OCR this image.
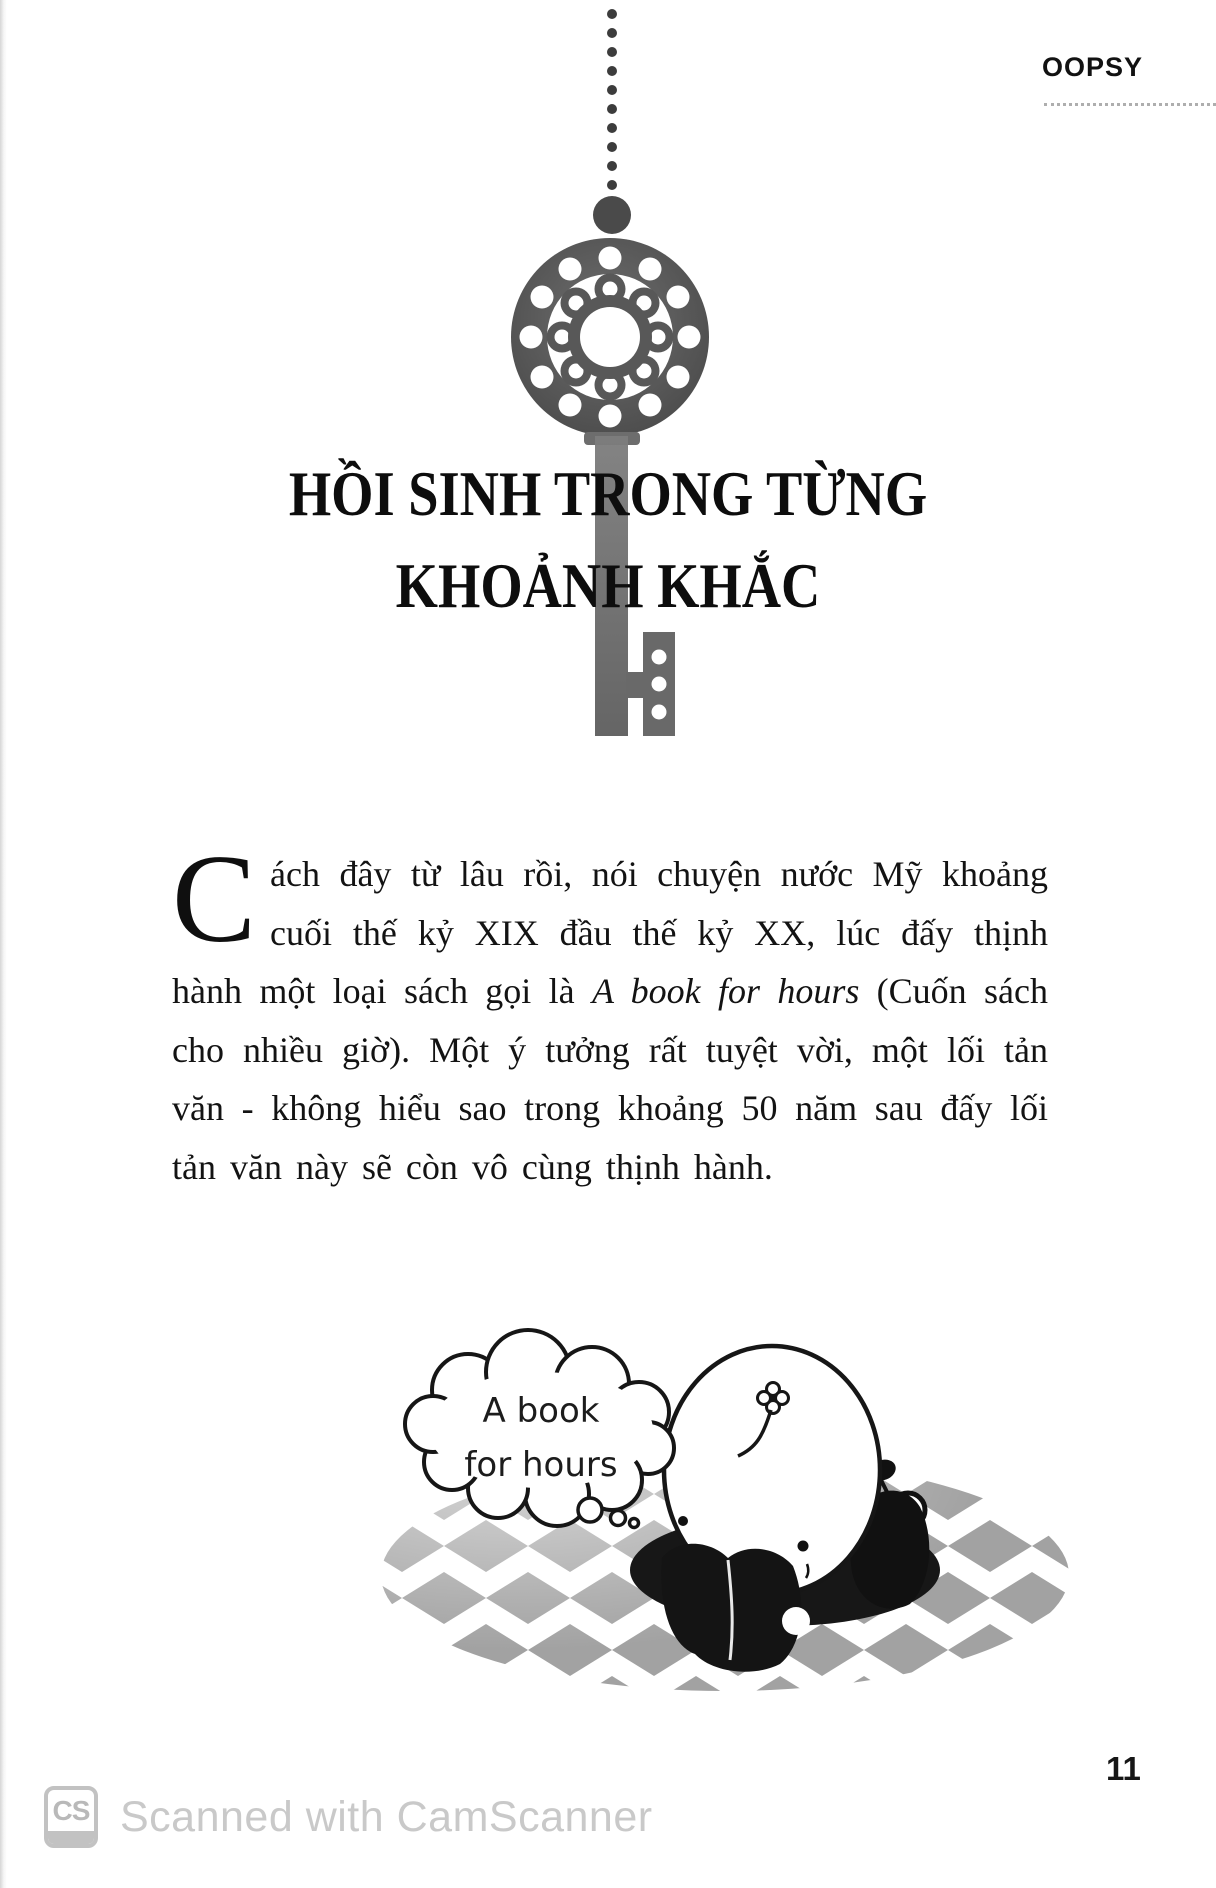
OOPSY
HỒI SINH TRONG TỪNG
KHOẢNH KHẮC

Cách đây từ lâu rồi, nói chuyện nước Mỹ khoảng cuối thế kỷ XIX đầu thế kỷ XX, lúc đấy thịnh hành một loại sách gọi là A book for hours (Cuốn sách cho nhiều giờ). Một ý tưởng rất tuyệt vời, một lối tản văn - không hiểu sao trong khoảng 50 năm sau đấy lối tản văn này sẽ còn vô cùng thịnh hành.

A book
for hours
11
CS Scanned with CamScanner
